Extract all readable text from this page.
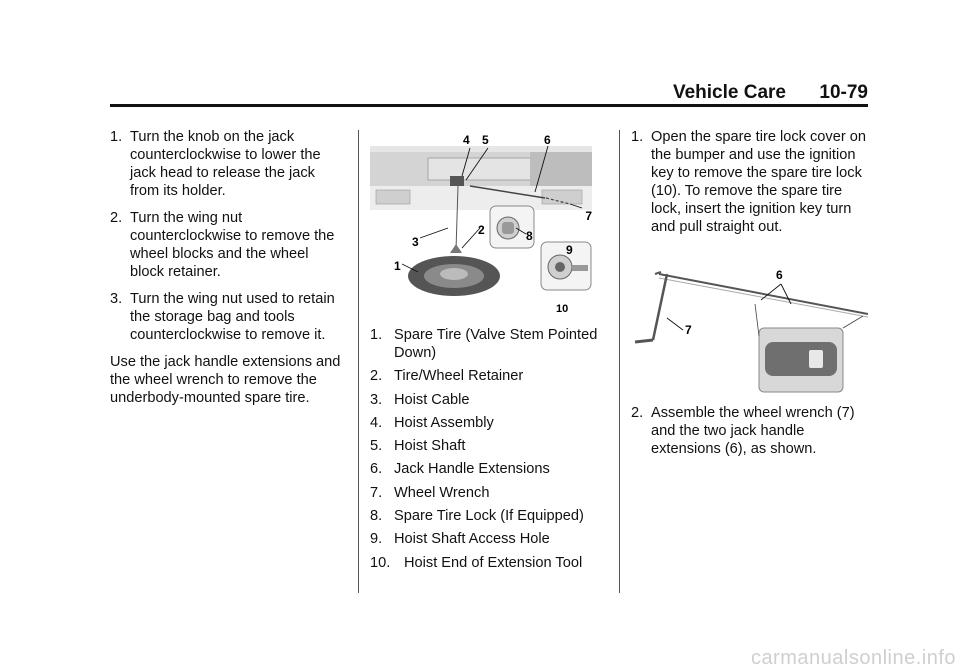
Vehicle Care 10-79
1. Turn the knob on the jack counterclockwise to lower the jack head to release the jack from its holder.
2. Turn the wing nut counterclockwise to remove the wheel blocks and the wheel block retainer.
3. Turn the wing nut used to retain the storage bag and tools counterclockwise to remove it.

Use the jack handle extensions and the wheel wrench to remove the underbody-mounted spare tire.

4 5	6
7
2
3	8
1
9
10
1. Spare Tire (Valve Stem Pointed Down)
2. Tire/Wheel Retainer
3. Hoist Cable
4. Hoist Assembly
5. Hoist Shaft
6. Jack Handle Extensions
7. Wheel Wrench
8. Spare Tire Lock (If Equipped)
9. Hoist Shaft Access Hole
10. Hoist End of Extension Tool
1. Open the spare tire lock cover on the bumper and use the ignition key to remove the spare tire lock (10). To remove the spare tire lock, insert the ignition key turn and pull straight out.
6
7
2. Assemble the wheel wrench (7) and the two jack handle extensions (6), as shown.
carmanualsonline.info
